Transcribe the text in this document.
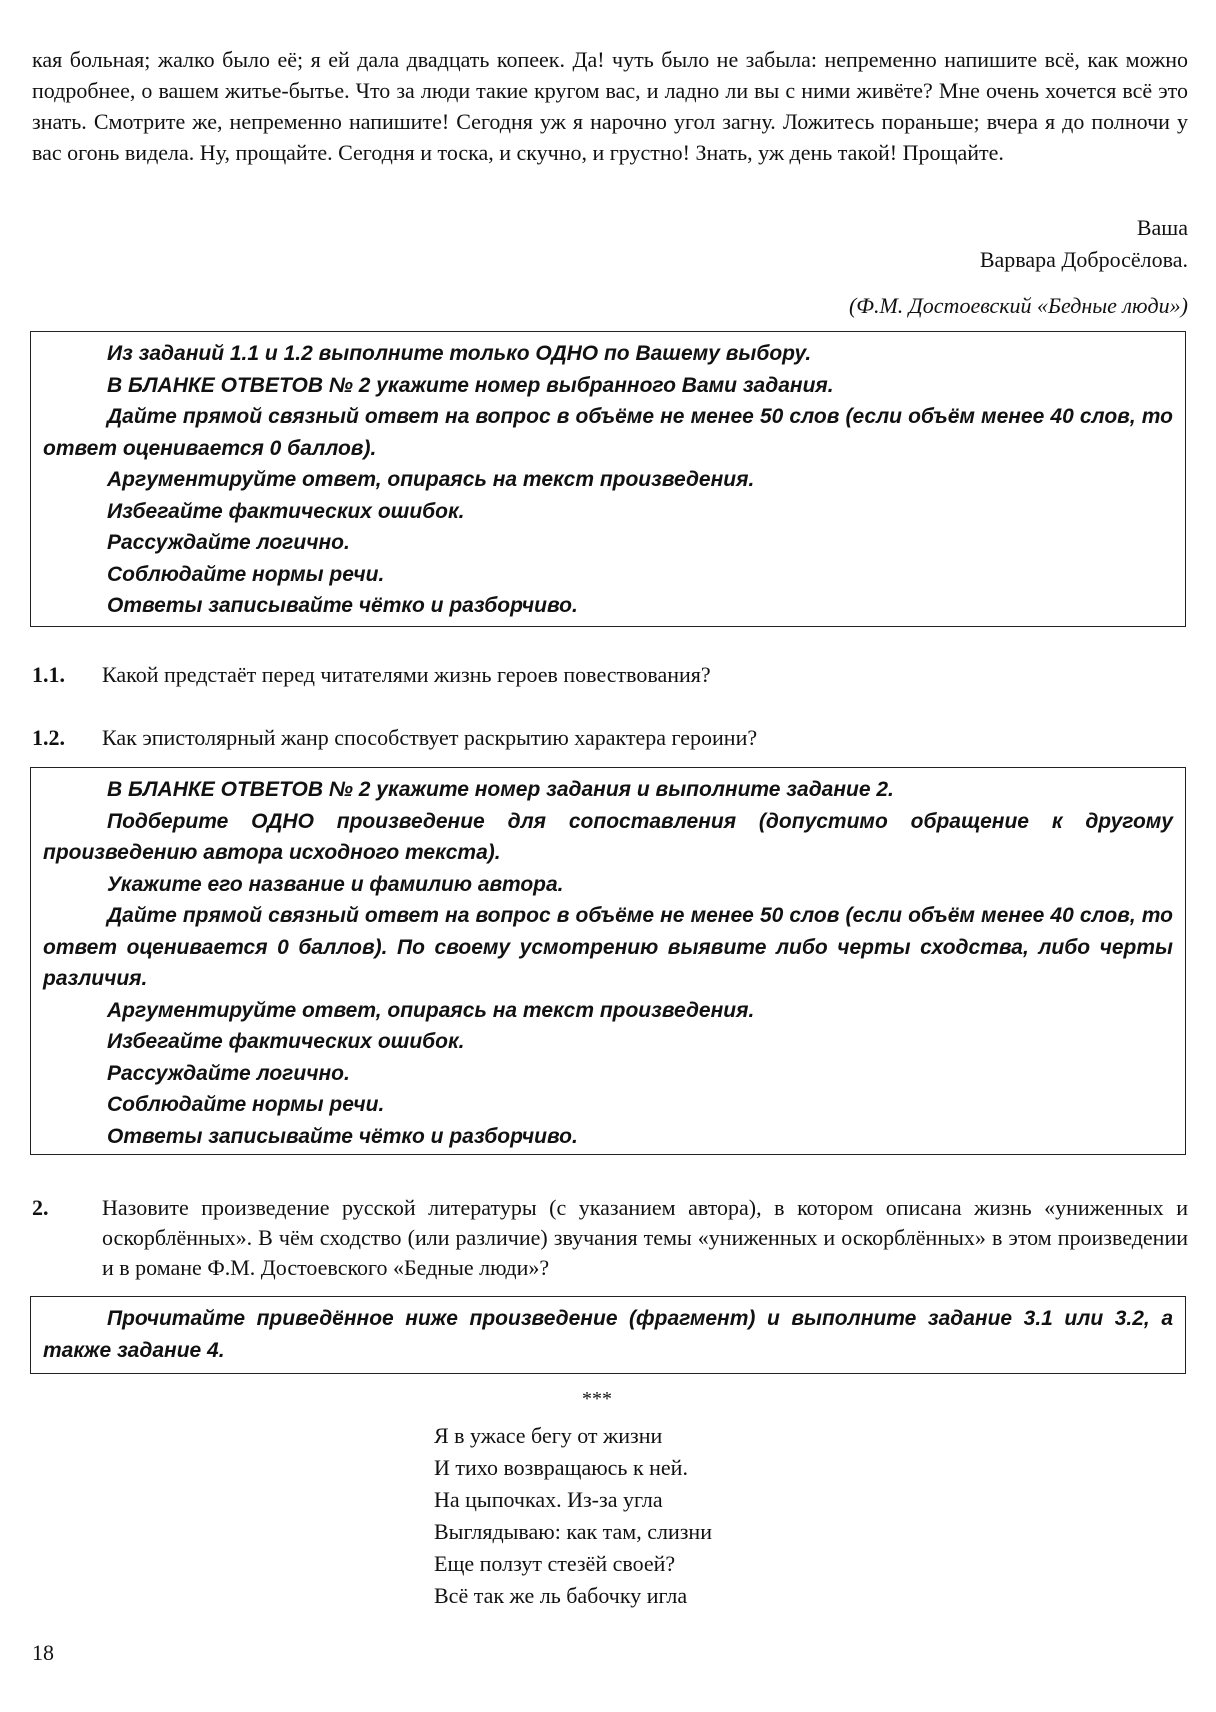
кая больная; жалко было её; я ей дала двадцать копеек. Да! чуть было не забыла: непременно напишите всё, как можно подробнее, о вашем житье-бытье. Что за люди такие кругом вас, и ладно ли вы с ними живёте? Мне очень хочется всё это знать. Смотрите же, непременно напишите! Сегодня уж я нарочно угол загну. Ложитесь пораньше; вчера я до полночи у вас огонь видела. Ну, прощайте. Сегодня и тоска, и скучно, и грустно! Знать, уж день такой! Прощайте.
Ваша
Варвара Добросёлова.
(Ф.М. Достоевский «Бедные люди»)

Из заданий 1.1 и 1.2 выполните только ОДНО по Вашему выбору.

В БЛАНКЕ ОТВЕТОВ № 2 укажите номер выбранного Вами задания.

Дайте прямой связный ответ на вопрос в объёме не менее 50 слов (если объём менее 40 слов, то ответ оценивается 0 баллов).

Аргументируйте ответ, опираясь на текст произведения.

Избегайте фактических ошибок.

Рассуждайте логично.

Соблюдайте нормы речи.

Ответы записывайте чётко и разборчиво.

1.1. Какой предстаёт перед читателями жизнь героев повествования?
1.2. Как эпистолярный жанр способствует раскрытию характера героини?

В БЛАНКЕ ОТВЕТОВ № 2 укажите номер задания и выполните задание 2.

Подберите ОДНО произведение для сопоставления (допустимо обращение к другому произведению автора исходного текста).

Укажите его название и фамилию автора.

Дайте прямой связный ответ на вопрос в объёме не менее 50 слов (если объём менее 40 слов, то ответ оценивается 0 баллов). По своему усмотрению выявите либо черты сходства, либо черты различия.

Аргументируйте ответ, опираясь на текст произведения.

Избегайте фактических ошибок.

Рассуждайте логично.

Соблюдайте нормы речи.

Ответы записывайте чётко и разборчиво.

2. Назовите произведение русской литературы (с указанием автора), в котором описана жизнь «униженных и оскорблённых». В чём сходство (или различие) звучания темы «униженных и оскорблённых» в этом произведении и в романе Ф.М. Достоевского «Бедные люди»?

Прочитайте приведённое ниже произведение (фрагмент) и выполните задание 3.1 или 3.2, а также задание 4.

***
Я в ужасе бегу от жизни
И тихо возвращаюсь к ней.
На цыпочках. Из-за угла
Выглядываю: как там, слизни
Еще ползут стезёй своей?
Всё так же ль бабочку игла
18
